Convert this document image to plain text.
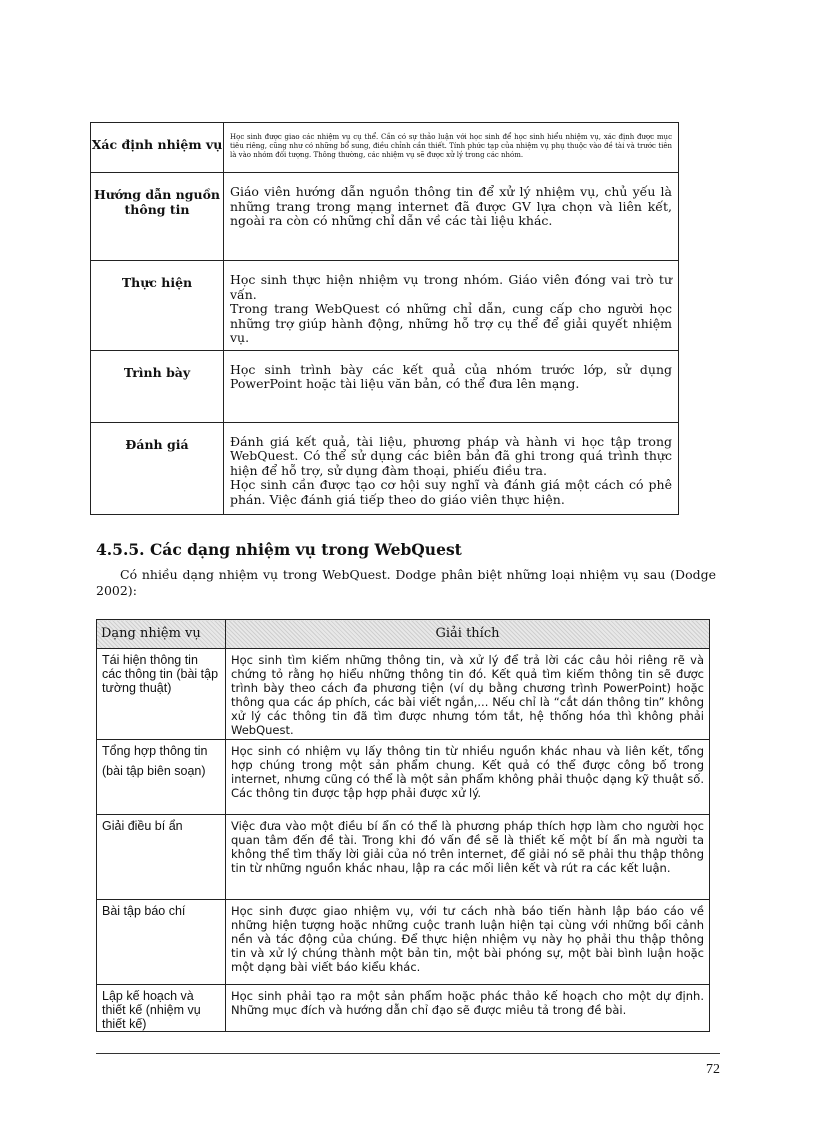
Xác định nhiệm vụ	Học sinh được giao các nhiệm vụ cụ thể. Cần có sự thảo luận với học sinh để học sinh hiểu nhiệm vụ, xác định được mục tiêu riêng, cũng như có những bổ sung, điều chỉnh cần thiết. Tính phức tạp của nhiệm vụ phụ thuộc vào đề tài và trước tiên là vào nhóm đối tượng. Thông thường, các nhiệm vụ sẽ được xử lý trong các nhóm.
Hướng dẫn nguồn thông tin	Giáo viên hướng dẫn nguồn thông tin để xử lý nhiệm vụ, chủ yếu là những trang trong mạng internet đã được GV lựa chọn và liên kết, ngoài ra còn có những chỉ dẫn về các tài liệu khác.
Thực hiện	Học sinh thực hiện nhiệm vụ trong nhóm. Giáo viên đóng vai trò tư vấn.

Trong trang WebQuest có những chỉ dẫn, cung cấp cho người học những trợ giúp hành động, những hỗ trợ cụ thể để giải quyết nhiệm vụ.

Trình bày	Học sinh trình bày các kết quả của nhóm trước lớp, sử dụng PowerPoint hoặc tài liệu văn bản, có thể đưa lên mạng.
Đánh giá	Đánh giá kết quả, tài liệu, phương pháp và hành vi học tập trong WebQuest. Có thể sử dụng các biên bản đã ghi trong quá trình thực hiện để hỗ trợ, sử dụng đàm thoại, phiếu điều tra.

Học sinh cần được tạo cơ hội suy nghĩ và đánh giá một cách có phê phán. Việc đánh giá tiếp theo do giáo viên thực hiện.

4.5.5. Các dạng nhiệm vụ trong WebQuest

Có nhiều dạng nhiệm vụ trong WebQuest. Dodge phân biệt những loại nhiệm vụ sau (Dodge 2002):

Dạng nhiệm vụ	Giải thích
Tái hiện thông tin các thông tin (bài tập tường thuật)	Học sinh tìm kiếm những thông tin, và xử lý để trả lời các câu hỏi riêng rẽ và chứng tỏ rằng họ hiểu những thông tin đó. Kết quả tìm kiếm thông tin sẽ được trình bày theo cách đa phương tiện (ví dụ bằng chương trình PowerPoint) hoặc thông qua các áp phích, các bài viết ngắn,... Nếu chỉ là “cắt dán thông tin” không xử lý các thông tin đã tìm được nhưng tóm tắt, hệ thống hóa thì không phải WebQuest.

Tổng hợp thông tin

(bài tập biên soạn)	Học sinh có nhiệm vụ lấy thông tin từ nhiều nguồn khác nhau và liên kết, tổng hợp chúng trong một sản phẩm chung. Kết quả có thể được công bố trong internet, nhưng cũng có thể là một sản phẩm không phải thuộc dạng kỹ thuật số. Các thông tin được tập hợp phải được xử lý.
Giải điều bí ẩn	Việc đưa vào một điều bí ẩn có thể là phương pháp thích hợp làm cho người học quan tâm đến đề tài. Trong khi đó vấn đề sẽ là thiết kế một bí ẩn mà người ta không thể tìm thấy lời giải của nó trên internet, để giải nó sẽ phải thu thập thông tin từ những nguồn khác nhau, lập ra các mối liên kết và rút ra các kết luận.
Bài tập báo chí	Học sinh được giao nhiệm vụ, với tư cách nhà báo tiến hành lập báo cáo về những hiện tượng hoặc những cuộc tranh luận hiện tại cùng với những bối cảnh nền và tác động của chúng. Để thực hiện nhiệm vụ này họ phải thu thập thông tin và xử lý chúng thành một bản tin, một bài phóng sự, một bài bình luận hoặc một dạng bài viết báo kiểu khác.
Lập kế hoạch và thiết kế (nhiệm vụ thiết kế)	Học sinh phải tạo ra một sản phẩm hoặc phác thảo kế hoạch cho một dự định. Những mục đích và hướng dẫn chỉ đạo sẽ được miêu tả trong đề bài.
72
